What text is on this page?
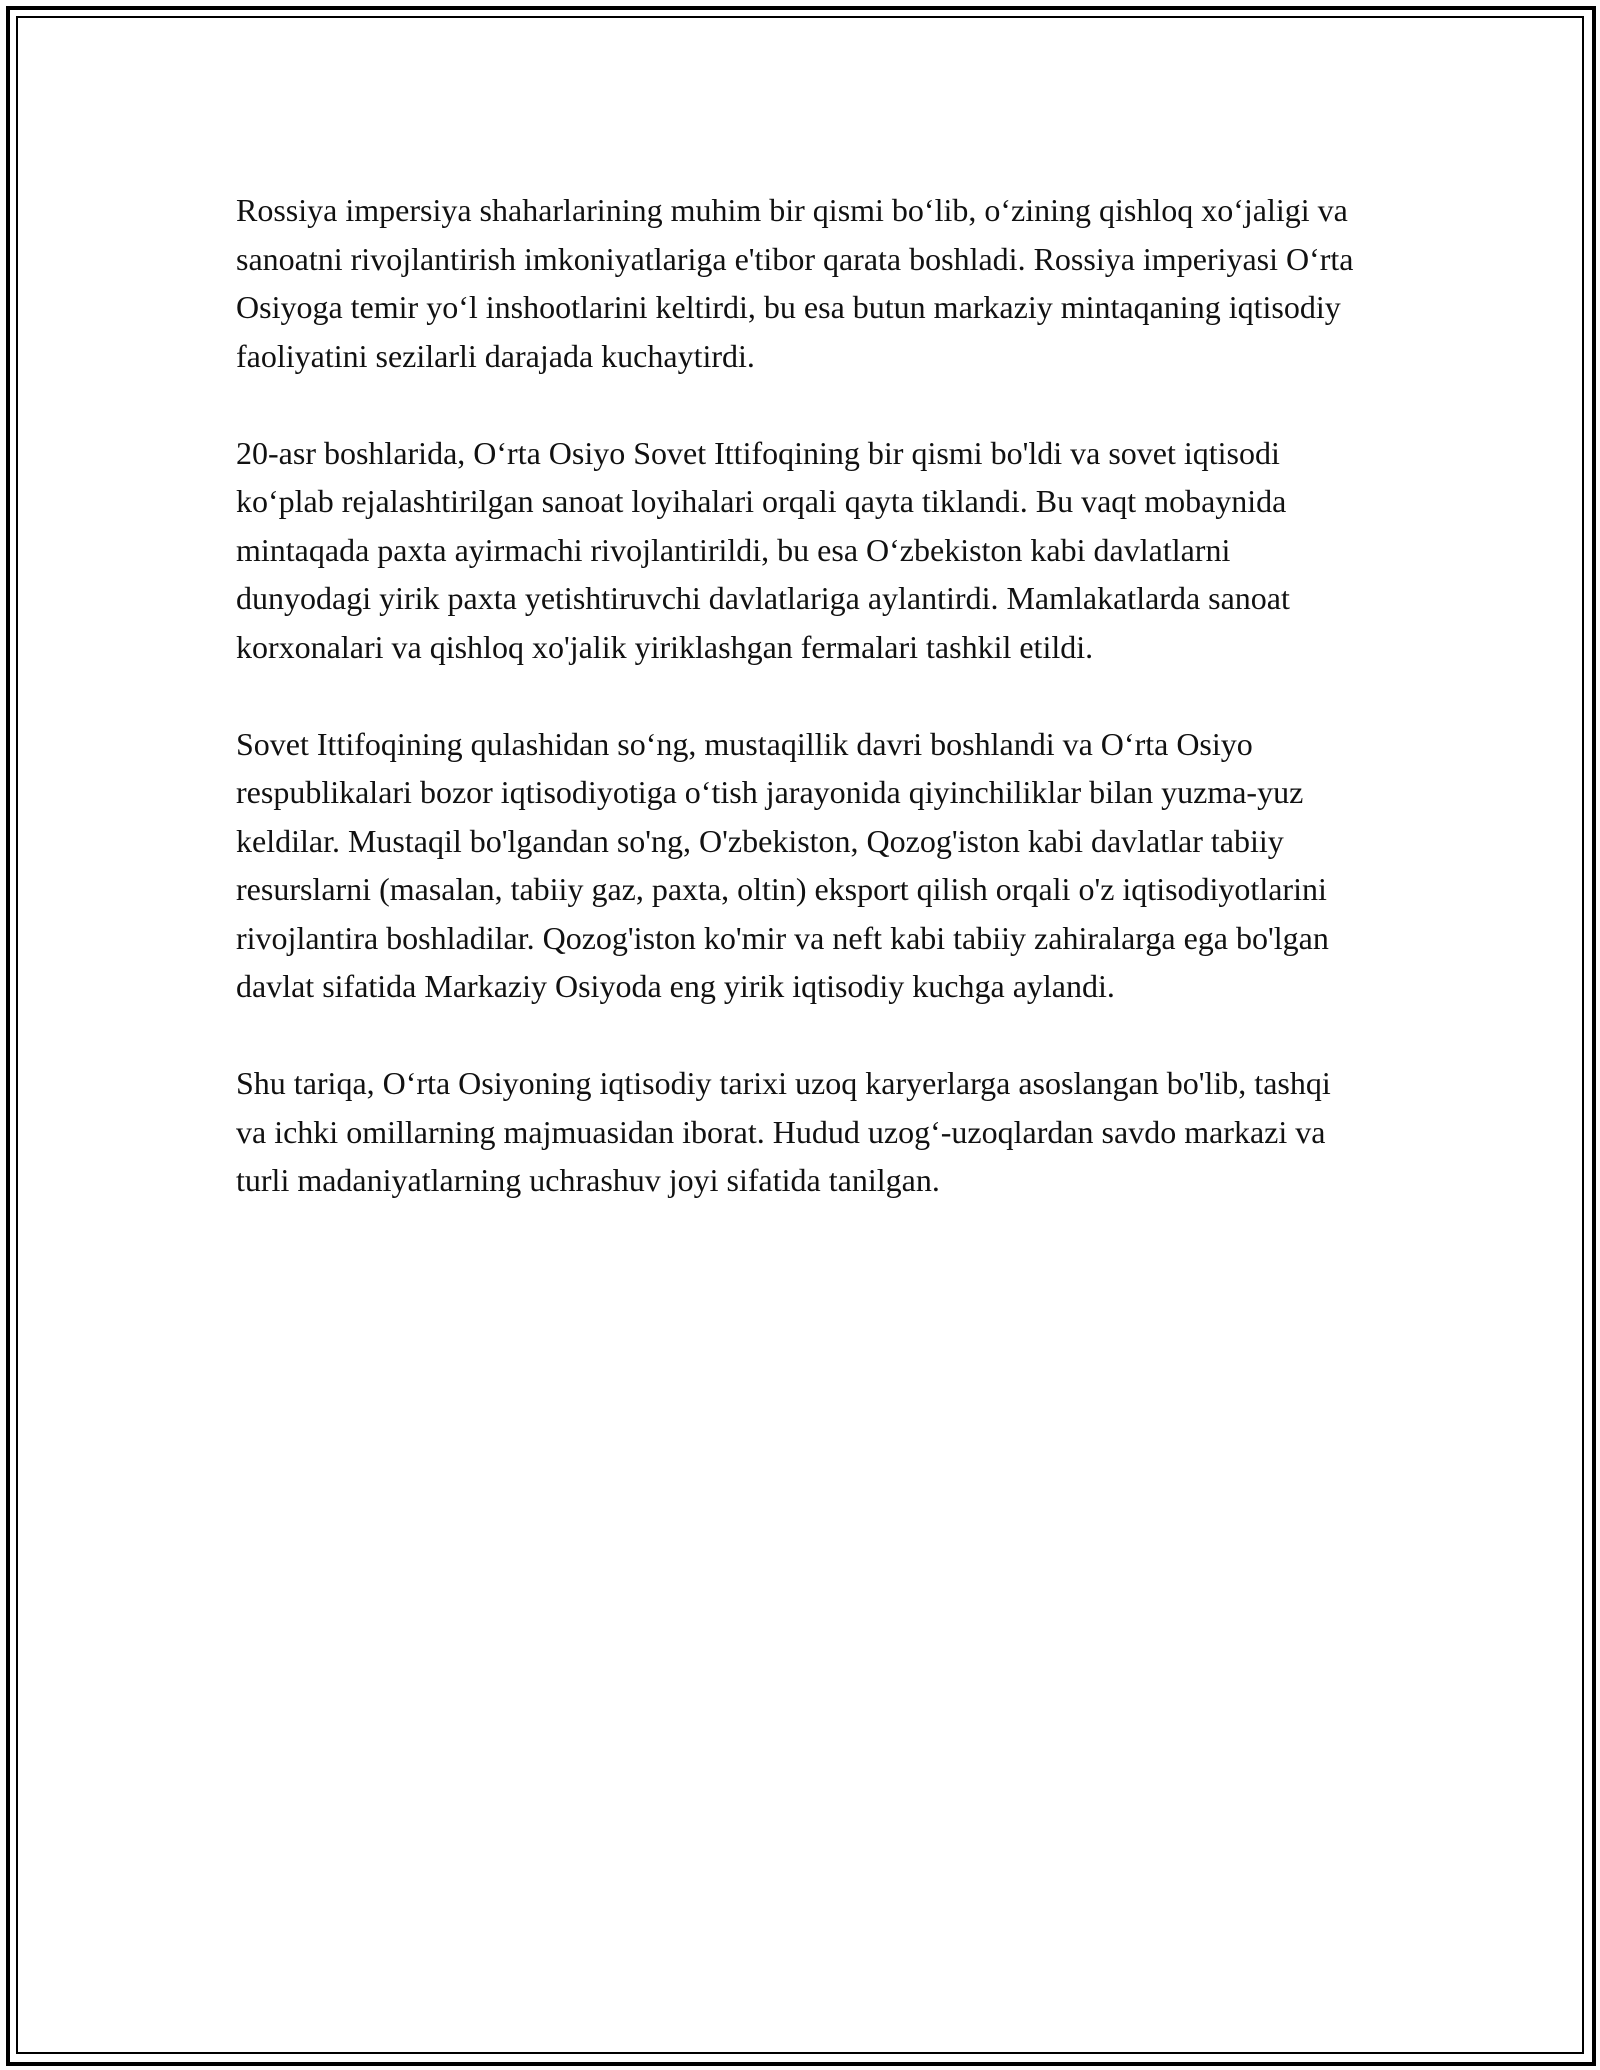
Rossiya impersiya shaharlarining muhim bir qismi bo‘lib, o‘zining qishloq xo‘jaligi va sanoatni rivojlantirish imkoniyatlariga e'tibor qarata boshladi. Rossiya imperiyasi O‘rta Osiyoga temir yo‘l inshootlarini keltirdi, bu esa butun markaziy mintaqaning iqtisodiy faoliyatini sezilarli darajada kuchaytirdi.

20-asr boshlarida, O‘rta Osiyo Sovet Ittifoqining bir qismi bo'ldi va sovet iqtisodi ko‘plab rejalashtirilgan sanoat loyihalari orqali qayta tiklandi. Bu vaqt mobaynida mintaqada paxta ayirmachi rivojlantirildi, bu esa O‘zbekiston kabi davlatlarni dunyodagi yirik paxta yetishtiruvchi davlatlariga aylantirdi. Mamlakatlarda sanoat korxonalari va qishloq xo'jalik yiriklashgan fermalari tashkil etildi.

Sovet Ittifoqining qulashidan so‘ng, mustaqillik davri boshlandi va O‘rta Osiyo respublikalari bozor iqtisodiyotiga o‘tish jarayonida qiyinchiliklar bilan yuzma-yuz keldilar. Mustaqil bo'lgandan so'ng, O'zbekiston, Qozog'iston kabi davlatlar tabiiy resurslarni (masalan, tabiiy gaz, paxta, oltin) eksport qilish orqali o'z iqtisodiyotlarini rivojlantira boshladilar. Qozog'iston ko'mir va neft kabi tabiiy zahiralarga ega bo'lgan davlat sifatida Markaziy Osiyoda eng yirik iqtisodiy kuchga aylandi.

Shu tariqa, O‘rta Osiyoning iqtisodiy tarixi uzoq karyerlarga asoslangan bo'lib, tashqi va ichki omillarning majmuasidan iborat. Hudud uzog‘-uzoqlardan savdo markazi va turli madaniyatlarning uchrashuv joyi sifatida tanilgan.
